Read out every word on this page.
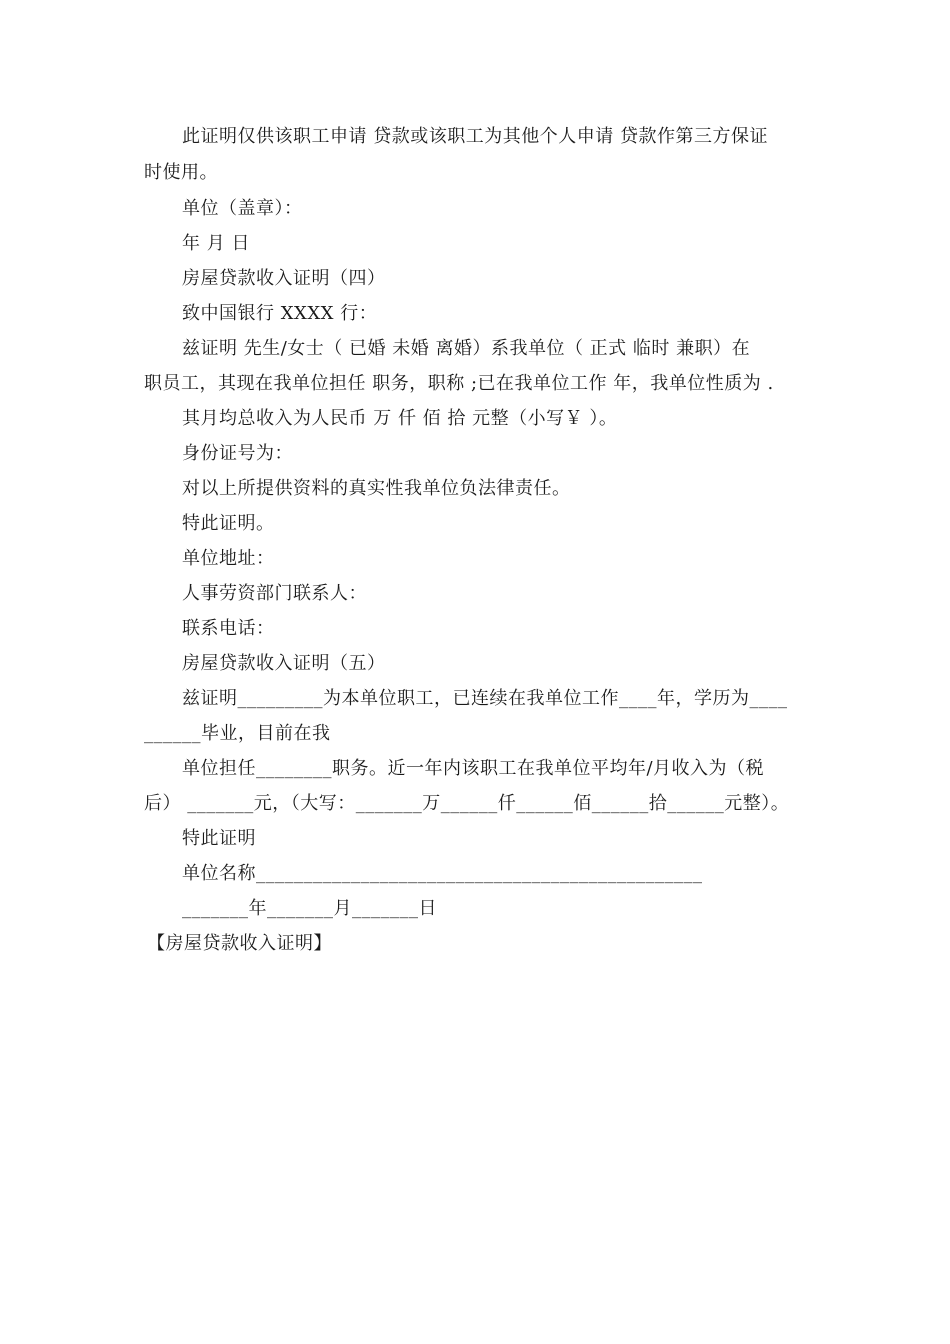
此证明仅供该职工申请 贷款或该职工为其他个人申请 贷款作第三方保证
时使用。
单位（盖章）：
年 月 日
房屋贷款收入证明（四）
致中国银行 XXXX 行：
兹证明 先生/女士（ 已婚 未婚 离婚）系我单位（ 正式 临时 兼职）在
职员工，其现在我单位担任 职务，职称 ;已在我单位工作 年，我单位性质为 .
其月均总收入为人民币 万 仟 佰 拾 元整（小写￥ ）。
身份证号为：
对以上所提供资料的真实性我单位负法律责任。
特此证明。
单位地址：
人事劳资部门联系人：
联系电话：
房屋贷款收入证明（五）
兹证明_________为本单位职工，已连续在我单位工作____年，学历为____
______毕业，目前在我
单位担任________职务。近一年内该职工在我单位平均年/月收入为（税
后） _______元，（大写：_______万______仟______佰______拾______元整）。
特此证明
单位名称_______________________________________________
_______年_______月_______日
【房屋贷款收入证明】
